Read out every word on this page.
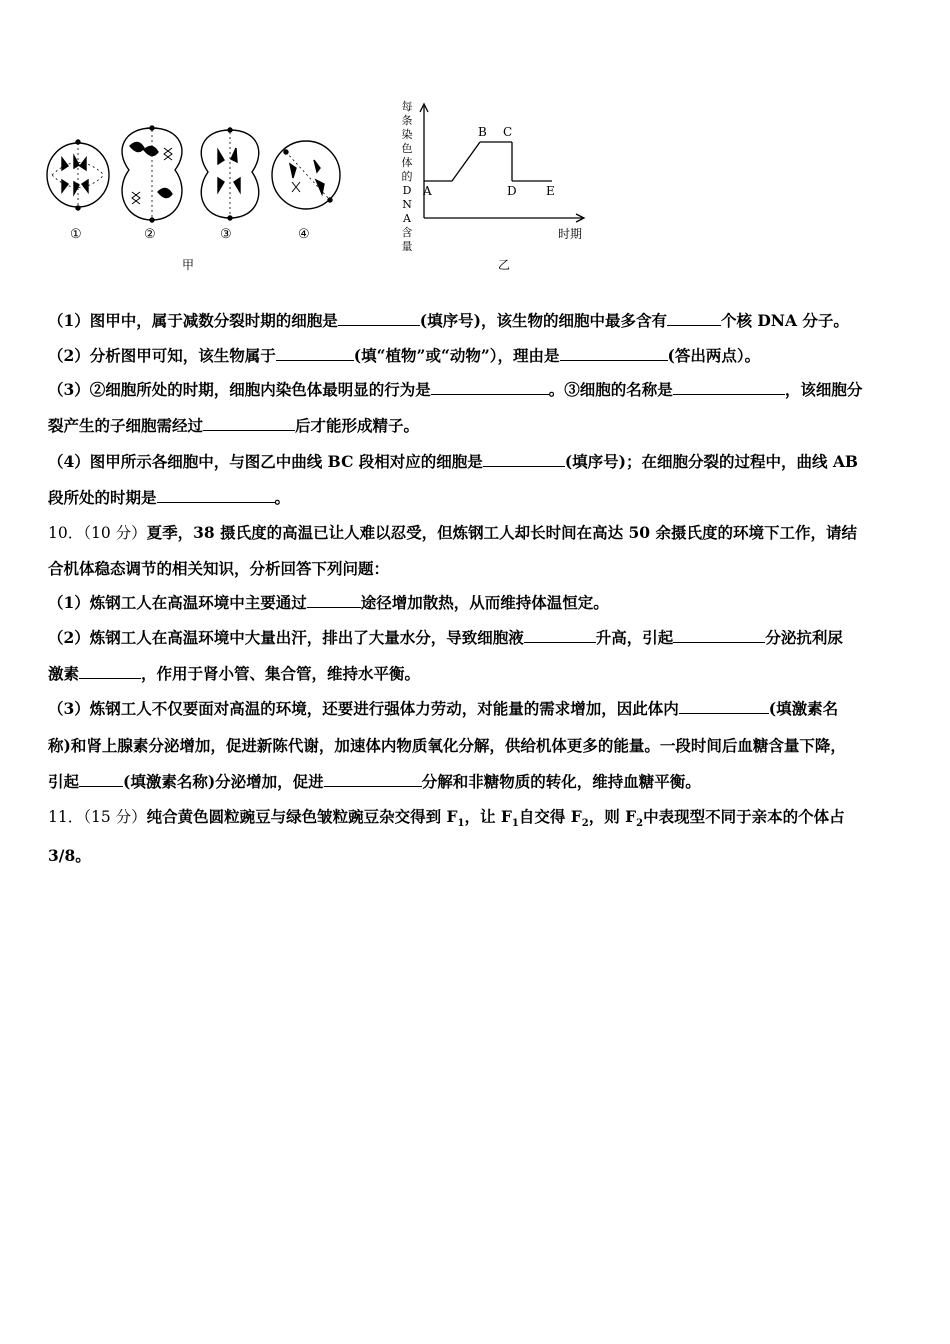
①	②	③	④
甲
每
条
染
色
体
的
D
N
A
含
量
A
B C
D E
时期
乙
（1）图甲中，属于减数分裂时期的细胞是	(填序号)，该生物的细胞中最多含有	个核 DNA 分子。
（2）分析图甲可知，该生物属于	(填“植物”或“动物”），理由是	(答出两点）。
（3）②细胞所处的时期，细胞内染色体最明显的行为是	。③细胞的名称是	，该细胞分
裂产生的子细胞需经过	后才能形成精子。
（4）图甲所示各细胞中，与图乙中曲线 BC 段相对应的细胞是	(填序号)；在细胞分裂的过程中，曲线 AB
段所处的时期是	。
10．（10 分）夏季，38 摄氏度的高温已让人难以忍受，但炼钢工人却长时间在高达 50 余摄氏度的环境下工作，请结
合机体稳态调节的相关知识，分析回答下列问题：
（1）炼钢工人在高温环境中主要通过	途径增加散热，从而维持体温恒定。
（2）炼钢工人在高温环境中大量出汗，排出了大量水分，导致细胞液	升高，引起	分泌抗利尿
激素	，作用于肾小管、集合管，维持水平衡。
（3）炼钢工人不仅要面对高温的环境，还要进行强体力劳动，对能量的需求增加，因此体内	(填激素名
称)和肾上腺素分泌增加，促进新陈代谢，加速体内物质氧化分解，供给机体更多的能量。一段时间后血糖含量下降，
引起	(填激素名称)分泌增加，促进	分解和非糖物质的转化，维持血糖平衡。
11．（15 分）纯合黄色圆粒豌豆与绿色皱粒豌豆杂交得到 $F_1$，让 $F_1$自交得 $F_2$，则 $F_2$中表现型不同于亲本的个体占
3/8。
